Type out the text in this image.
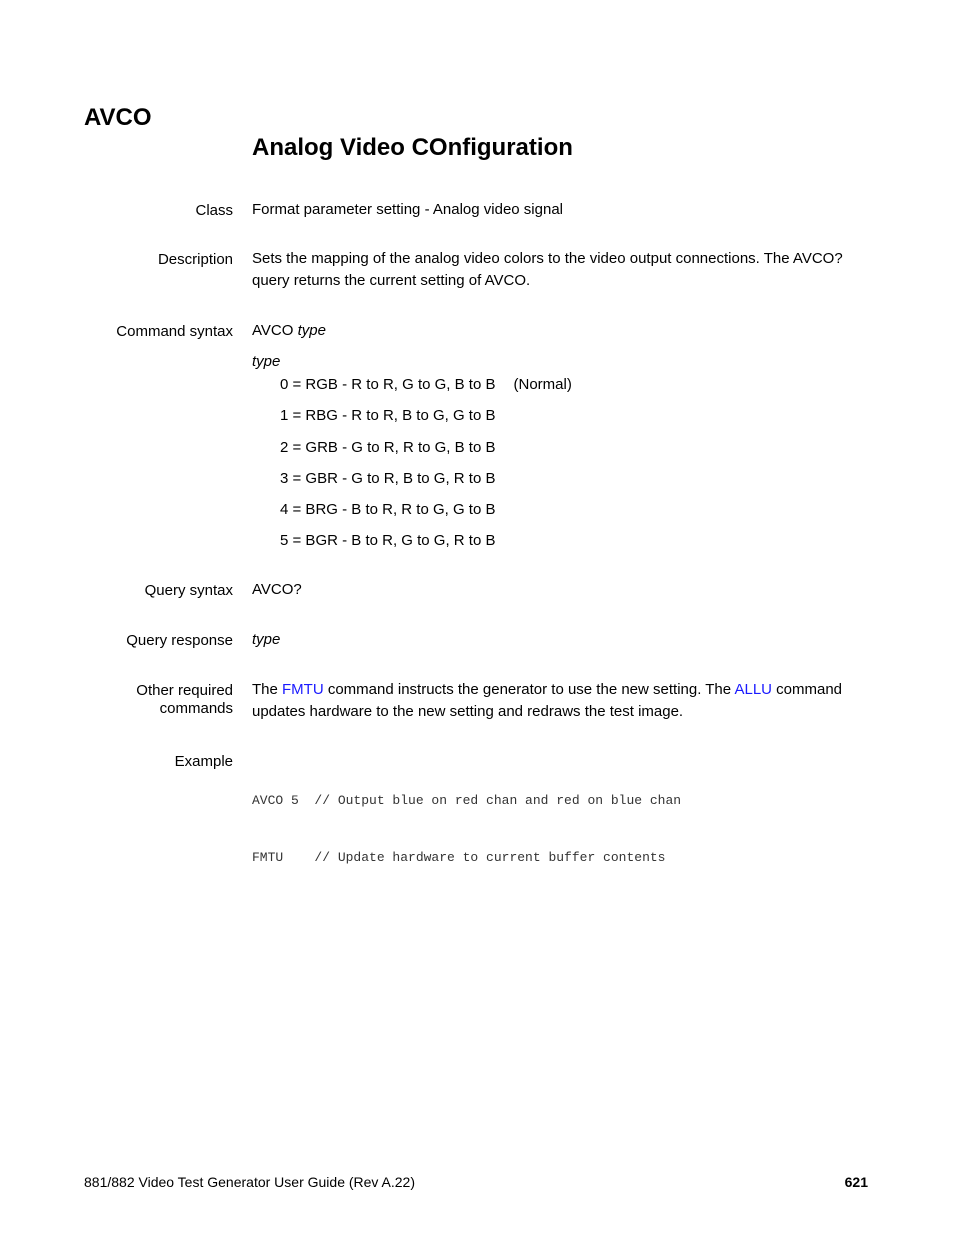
AVCO
Analog Video COnfiguration
Class Format parameter setting - Analog video signal
Description Sets the mapping of the analog video colors to the video output connections. The AVCO?
query returns the current setting of AVCO.
Command syntax AVCO type
type
0 = RGB - R to R, G to G, B to B (Normal)
1 = RBG - R to R, B to G, G to B
2 = GRB - G to R, R to G, B to B
3 = GBR - G to R, B to G, R to B
4 = BRG - B to R, R to G, G to B
5 = BGR - B to R, G to G, R to B
Query syntax AVCO?
Query response type
Other required
commands
The FMTU command instructs the generator to use the new setting. The ALLU command
updates hardware to the new setting and redraws the test image.
Example

AVCO 5  // Output blue on red chan and red on blue chan

FMTU    // Update hardware to current buffer contents

881/882 Video Test Generator User Guide (Rev A.22)	621
